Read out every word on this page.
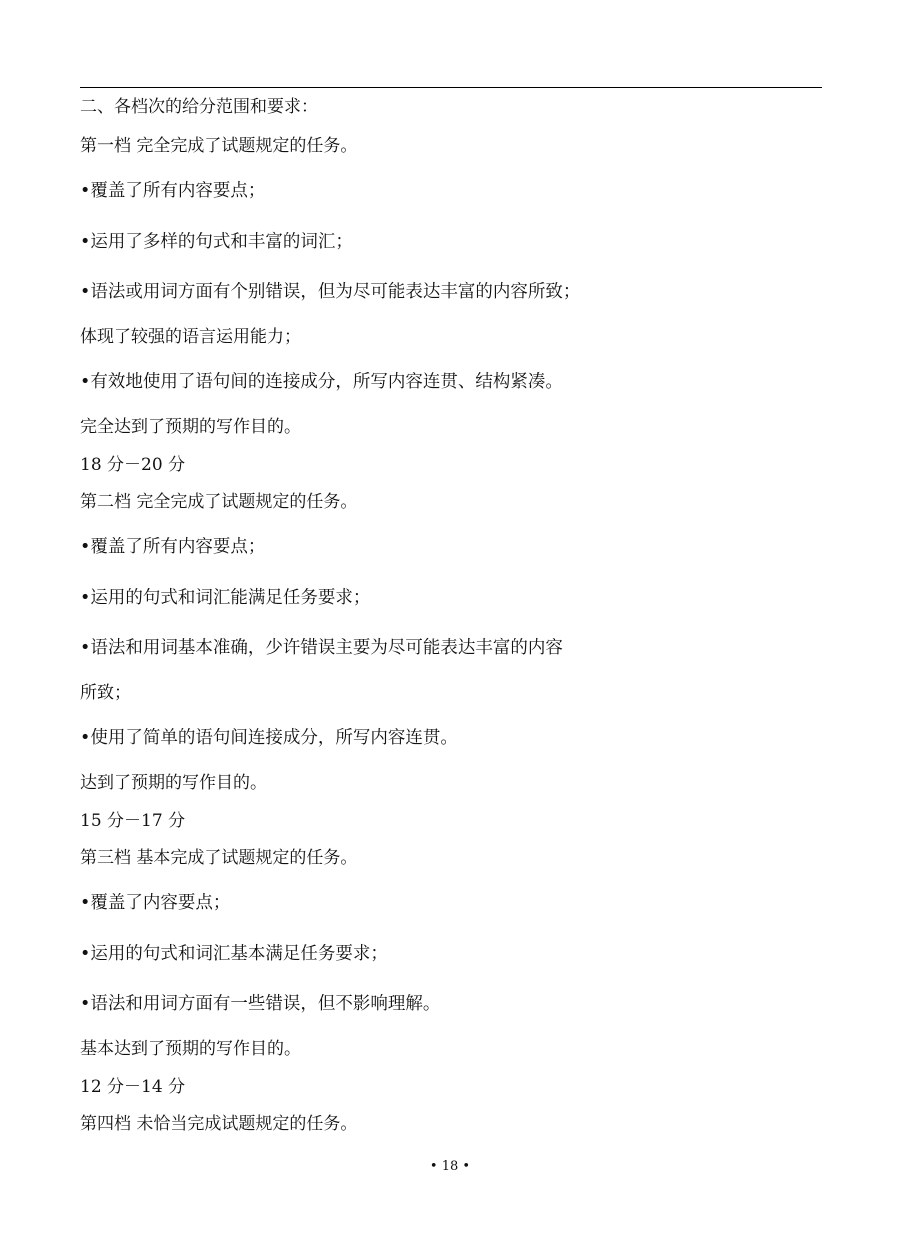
二、各档次的给分范围和要求：
第一档 完全完成了试题规定的任务。
•覆盖了所有内容要点；
•运用了多样的句式和丰富的词汇；
•语法或用词方面有个别错误，但为尽可能表达丰富的内容所致；
体现了较强的语言运用能力；
•有效地使用了语句间的连接成分，所写内容连贯、结构紧凑。
完全达到了预期的写作目的。
18 分－20 分
第二档 完全完成了试题规定的任务。
•覆盖了所有内容要点；
•运用的句式和词汇能满足任务要求；
•语法和用词基本准确，少许错误主要为尽可能表达丰富的内容
所致；
•使用了简单的语句间连接成分，所写内容连贯。
达到了预期的写作目的。
15 分－17 分
第三档 基本完成了试题规定的任务。
•覆盖了内容要点；
•运用的句式和词汇基本满足任务要求；
•语法和用词方面有一些错误，但不影响理解。
基本达到了预期的写作目的。
12 分－14 分
第四档 未恰当完成试题规定的任务。
• 18 •
